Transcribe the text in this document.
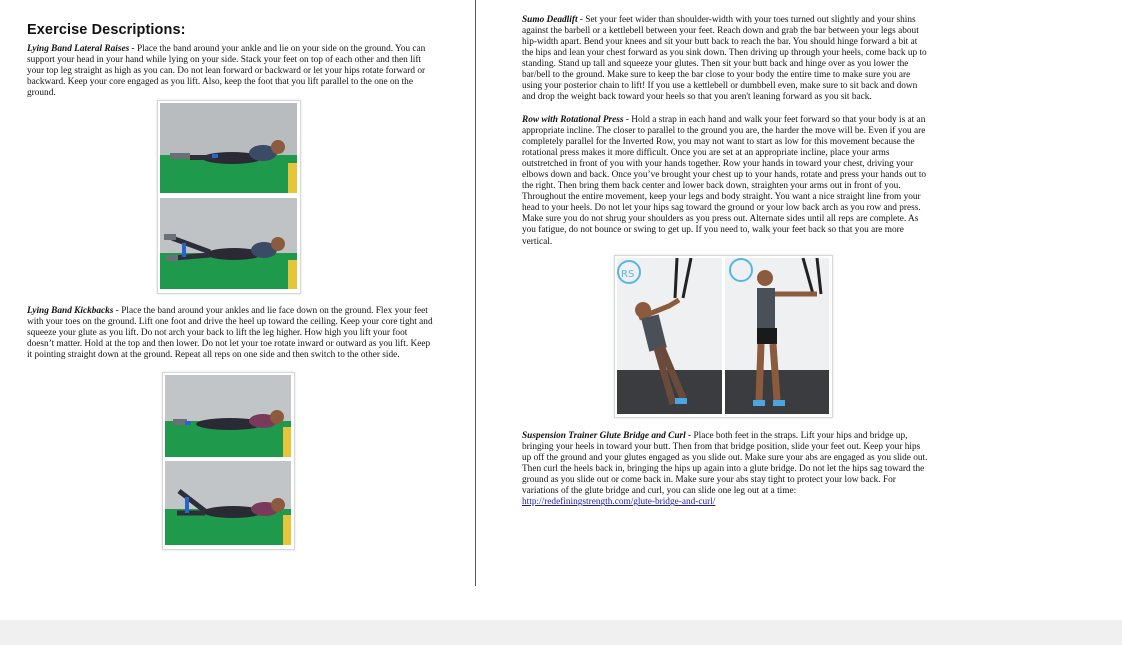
Exercise Descriptions:

Lying Band Lateral Raises - Place the band around your ankle and lie on your side on the ground. You can support your head in your hand while lying on your side. Stack your feet on top of each other and then lift your top leg straight as high as you can. Do not lean forward or backward or let your hips rotate forward or backward. Keep your core engaged as you lift. Also, keep the foot that you lift parallel to the one on the ground.

Lying Band Kickbacks - Place the band around your ankles and lie face down on the ground. Flex your feet with your toes on the ground. Lift one foot and drive the heel up toward the ceiling. Keep your core tight and squeeze your glute as you lift. Do not arch your back to lift the leg higher. How high you lift your foot doesn’t matter. Hold at the top and then lower. Do not let your toe rotate inward or outward as you lift. Keep it pointing straight down at the ground. Repeat all reps on one side and then switch to the other side.

Sumo Deadlift - Set your feet wider than shoulder-width with your toes turned out slightly and your shins against the barbell or a kettlebell between your feet. Reach down and grab the bar between your legs about hip-width apart. Bend your knees and sit your butt back to reach the bar. You should hinge forward a bit at the hips and lean your chest forward as you sink down. Then driving up through your heels, come back up to standing. Stand up tall and squeeze your glutes. Then sit your butt back and hinge over as you lower the bar/bell to the ground. Make sure to keep the bar close to your body the entire time to make sure you are using your posterior chain to lift! If you use a kettlebell or dumbbell even, make sure to sit back and down and drop the weight back toward your heels so that you aren't leaning forward as you sit back.

Row with Rotational Press - Hold a strap in each hand and walk your feet forward so that your body is at an appropriate incline. The closer to parallel to the ground you are, the harder the move will be. Even if you are completely parallel for the Inverted Row, you may not want to start as low for this movement because the rotational press makes it more difficult. Once you are set at an appropriate incline, place your arms outstretched in front of you with your hands together. Row your hands in toward your chest, driving your elbows down and back. Once you’ve brought your chest up to your hands, rotate and press your hands out to the right. Then bring them back center and lower back down, straighten your arms out in front of you. Throughout the entire movement, keep your legs and body straight. You want a nice straight line from your head to your heels. Do not let your hips sag toward the ground or your low back arch as you row and press. Make sure you do not shrug your shoulders as you press out. Alternate sides until all reps are complete. As you fatigue, do not bounce or swing to get up. If you need to, walk your feet back so that you are more vertical.

Suspension Trainer Glute Bridge and Curl - Place both feet in the straps. Lift your hips and bridge up, bringing your heels in toward your butt. Then from that bridge position, slide your feet out. Keep your hips up off the ground and your glutes engaged as you slide out. Make sure your abs are engaged as you slide out. Then curl the heels back in, bringing the hips up again into a glute bridge. Do not let the hips sag toward the ground as you slide out or come back in. Make sure your abs stay tight to protect your low back. For variations of the glute bridge and curl, you can slide one leg out at a time: http://redefiningstrength.com/glute-bridge-and-curl/

RS
